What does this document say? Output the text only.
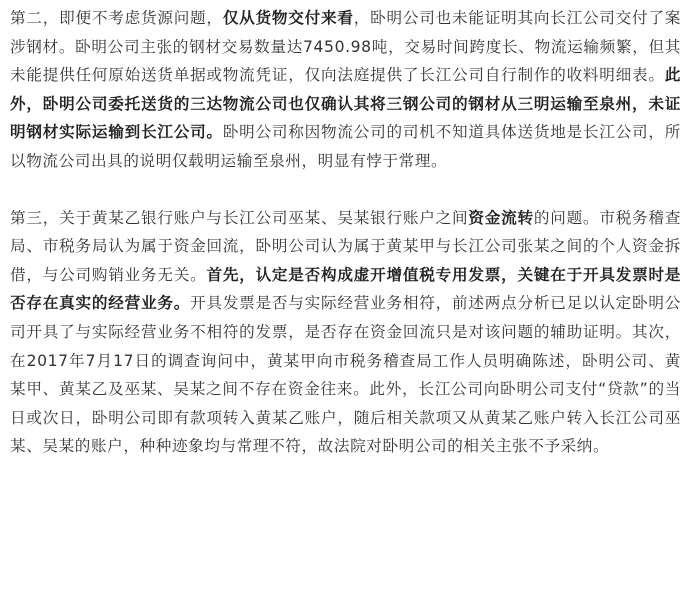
第二，即便不考虑货源问题，仅从货物交付来看，卧明公司也未能证明其向长江公司交付了案涉钢材。卧明公司主张的钢材交易数量达7450.98吨，交易时间跨度长、物流运输频繁，但其未能提供任何原始送货单据或物流凭证，仅向法庭提供了长江公司自行制作的收料明细表。此外，卧明公司委托送货的三达物流公司也仅确认其将三钢公司的钢材从三明运输至泉州，未证明钢材实际运输到长江公司。卧明公司称因物流公司的司机不知道具体送货地是长江公司，所以物流公司出具的说明仅载明运输至泉州，明显有悖于常理。

第三，关于黄某乙银行账户与长江公司巫某、吴某银行账户之间资金流转的问题。市税务稽查局、市税务局认为属于资金回流，卧明公司认为属于黄某甲与长江公司张某之间的个人资金拆借，与公司购销业务无关。首先，认定是否构成虚开增值税专用发票，关键在于开具发票时是否存在真实的经营业务。开具发票是否与实际经营业务相符，前述两点分析已足以认定卧明公司开具了与实际经营业务不相符的发票，是否存在资金回流只是对该问题的辅助证明。其次，在2017年7月17日的调查询问中，黄某甲向市税务稽查局工作人员明确陈述，卧明公司、黄某甲、黄某乙及巫某、吴某之间不存在资金往来。此外，长江公司向卧明公司支付“贷款”的当日或次日，卧明公司即有款项转入黄某乙账户，随后相关款项又从黄某乙账户转入长江公司巫某、吴某的账户，种种迹象均与常理不符，故法院对卧明公司的相关主张不予采纳。
